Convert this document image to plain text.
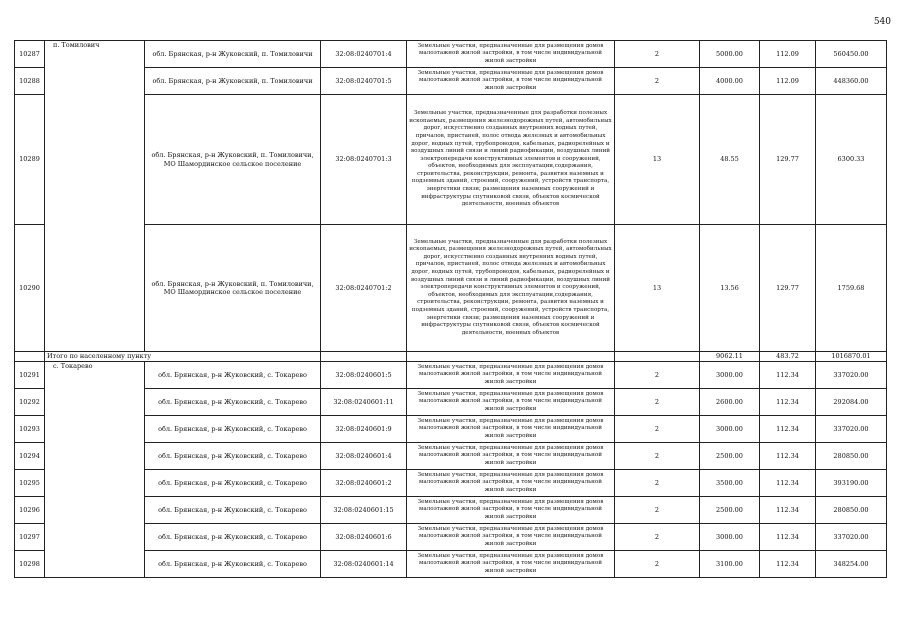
540
10287	п. Томилович	обл. Брянская, р-н Жуковский, п. Томиловичи	32:08:0240701:4	Земельные участки, предназначенные для размещения домов малоэтажной жилой застройки, в том числе индивидуальной жилой застройки	2	5000.00	112.09	560450.00
10288		обл. Брянская, р-н Жуковский, п. Томиловичи	32:08:0240701:5	Земельные участки, предназначенные для размещения домов малоэтажной жилой застройки, в том числе индивидуальной жилой застройки	2	4000.00	112.09	448360.00
10289		обл. Брянская, р-н Жуковский, п. Томиловичи, МО Шамординское сельское поселение	32:08:0240701:3	Земельные участки, предназначенные для разработки полезных ископаемых, размещения железнодорожных путей, автомобильных дорог, искусственно созданных внутренних водных путей, причалов, пристаней, полос отвода железных и автомобильных дорог, водных путей, трубопроводов, кабельных, радиорелейных и воздушных линий связи и линий радиофикации, воздушных линий электропередачи конструктивных элементов и сооружений, объектов, необходимых для эксплуатации,содержания, строительства, реконструкции, ремонта, развития наземных и подземных зданий, строений, сооружений, устройств транспорта, энергетики связи; размещения наземных сооружений и инфраструктуры спутниковой связи, объектов космической деятельности, военных объектов	13	48.55	129.77	6300.33
10290		обл. Брянская, р-н Жуковский, п. Томиловичи, МО Шамординское сельское поселение	32:08:0240701:2	Земельные участки, предназначенные для разработки полезных ископаемых, размещения железнодорожных путей, автомобильных дорог, искусственно созданных внутренних водных путей, причалов, пристаней, полос отвода железных и автомобильных дорог, водных путей, трубопроводов, кабельных, радиорелейных и воздушных линий связи и линий радиофикации, воздушных линий электропередачи конструктивных элементов и сооружений, объектов, необходимых для эксплуатации,содержания, строительства, реконструкции, ремонта, развития наземных и подземных зданий, строений, сооружений, устройств транспорта, энергетики связи; размещения наземных сооружений и инфраструктуры спутниковой связи, объектов космической деятельности, военных объектов	13	13.56	129.77	1759.68
	Итого по населенному пункту					9062.11	483.72	1016870.01
10291	с. Токарево	обл. Брянская, р-н Жуковский, с. Токарево	32:08:0240601:5	Земельные участки, предназначенные для размещения домов малоэтажной жилой застройки, в том числе индивидуальной жилой застройки	2	3000.00	112.34	337020.00
10292		обл. Брянская, р-н Жуковский, с. Токарево	32:08:0240601:11	Земельные участки, предназначенные для размещения домов малоэтажной жилой застройки, в том числе индивидуальной жилой застройки	2	2600.00	112.34	292084.00
10293		обл. Брянская, р-н Жуковский, с. Токарево	32:08:0240601:9	Земельные участки, предназначенные для размещения домов малоэтажной жилой застройки, в том числе индивидуальной жилой застройки	2	3000.00	112.34	337020.00
10294		обл. Брянская, р-н Жуковский, с. Токарево	32:08:0240601:4	Земельные участки, предназначенные для размещения домов малоэтажной жилой застройки, в том числе индивидуальной жилой застройки	2	2500.00	112.34	280850.00
10295		обл. Брянская, р-н Жуковский, с. Токарево	32:08:0240601:2	Земельные участки, предназначенные для размещения домов малоэтажной жилой застройки, в том числе индивидуальной жилой застройки	2	3500.00	112.34	393190.00
10296		обл. Брянская, р-н Жуковский, с. Токарево	32:08:0240601:15	Земельные участки, предназначенные для размещения домов малоэтажной жилой застройки, в том числе индивидуальной жилой застройки	2	2500.00	112.34	280850.00
10297		обл. Брянская, р-н Жуковский, с. Токарево	32:08:0240601:6	Земельные участки, предназначенные для размещения домов малоэтажной жилой застройки, в том числе индивидуальной жилой застройки	2	3000.00	112.34	337020.00
10298		обл. Брянская, р-н Жуковский, с. Токарево	32:08:0240601:14	Земельные участки, предназначенные для размещения домов малоэтажной жилой застройки, в том числе индивидуальной жилой застройки	2	3100.00	112.34	348254.00
